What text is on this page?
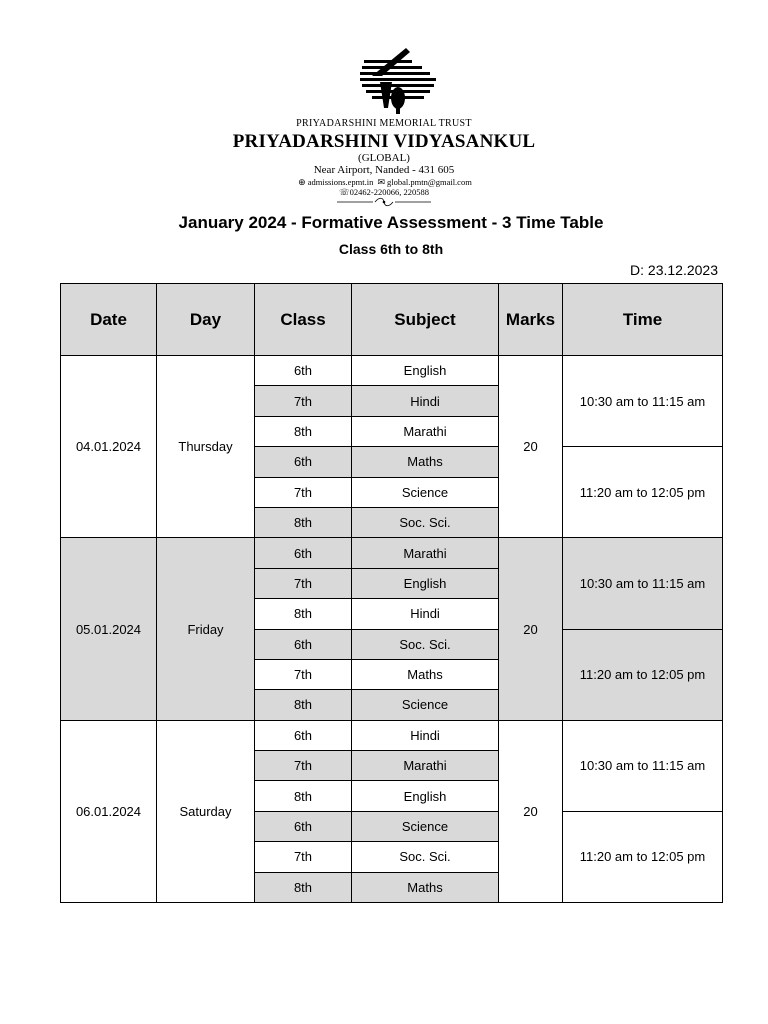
PRIYADARSHINI MEMORIAL TRUST
PRIYADARSHINI VIDYASANKUL
(GLOBAL)
Near Airport, Nanded - 431 605
⊕ admissions.epmt.in ✉ global.pmtn@gmail.com
☏02462-220066, 220588
January 2024 - Formative Assessment - 3 Time Table
Class 6th to 8th
D: 23.12.2023
Date	Day	Class	Subject	Marks	Time
04.01.2024	Thursday	6th	English	20	10:30 am to 11:15 am
		7th	Hindi		
		8th	Marathi		
		6th	Maths		11:20 am to 12:05 pm
		7th	Science		
		8th	Soc. Sci.		
05.01.2024	Friday	6th	Marathi	20	10:30 am to 11:15 am
		7th	English		
		8th	Hindi		
		6th	Soc. Sci.		11:20 am to 12:05 pm
		7th	Maths		
		8th	Science		
06.01.2024	Saturday	6th	Hindi	20	10:30 am to 11:15 am
		7th	Marathi		
		8th	English		
		6th	Science		11:20 am to 12:05 pm
		7th	Soc. Sci.		
		8th	Maths		
